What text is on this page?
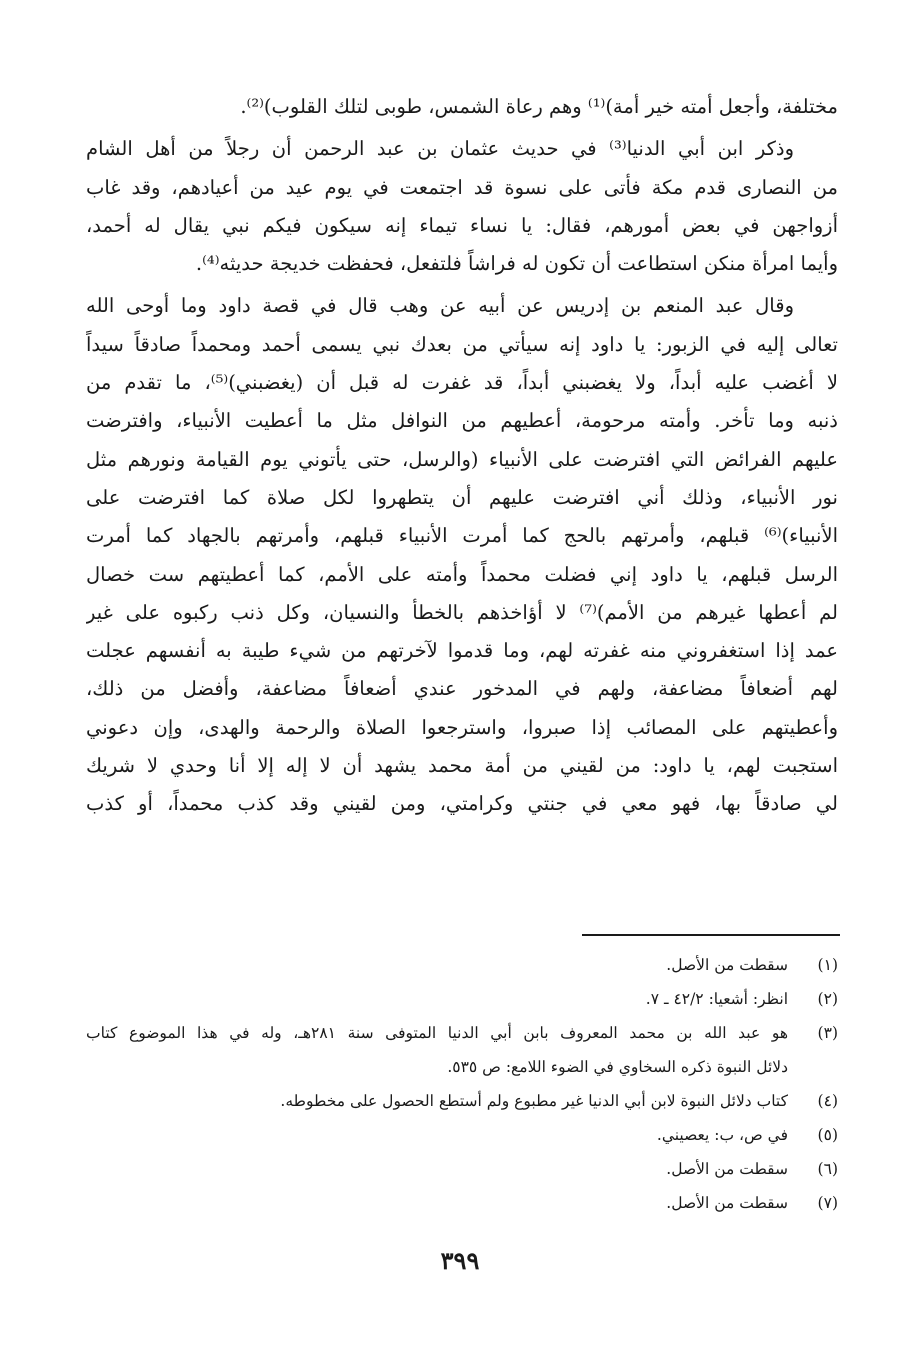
مختلفة، وأجعل أمته خير أمة)⁽¹⁾ وهم رعاة الشمس، طوبى لتلك القلوب)⁽²⁾.
وذكر ابن أبي الدنيا⁽³⁾ في حديث عثمان بن عبد الرحمن أن رجلاً من أهل الشام
من النصارى قدم مكة فأتى على نسوة قد اجتمعت في يوم عيد من أعيادهم، وقد غاب
أزواجهن في بعض أمورهم، فقال: يا نساء تيماء إنه سيكون فيكم نبي يقال له أحمد،
وأيما امرأة منكن استطاعت أن تكون له فراشاً فلتفعل، فحفظت خديجة حديثه⁽⁴⁾.
وقال عبد المنعم بن إدريس عن أبيه عن وهب قال في قصة داود وما أوحى الله
تعالى إليه في الزبور: يا داود إنه سيأتي من بعدك نبي يسمى أحمد ومحمداً صادقاً سيداً
لا أغضب عليه أبداً، ولا يغضبني أبداً، قد غفرت له قبل أن (يغضبني)⁽⁵⁾، ما تقدم من
ذنبه وما تأخر. وأمته مرحومة، أعطيهم من النوافل مثل ما أعطيت الأنبياء، وافترضت
عليهم الفرائض التي افترضت على الأنبياء (والرسل، حتى يأتوني يوم القيامة ونورهم مثل
نور الأنبياء، وذلك أني افترضت عليهم أن يتطهروا لكل صلاة كما افترضت على
الأنبياء)⁽⁶⁾ قبلهم، وأمرتهم بالحج كما أمرت الأنبياء قبلهم، وأمرتهم بالجهاد كما أمرت
الرسل قبلهم، يا داود إني فضلت محمداً وأمته على الأمم، كما أعطيتهم ست خصال
لم أعطها غيرهم من الأمم)⁽⁷⁾ لا أؤاخذهم بالخطأ والنسيان، وكل ذنب ركبوه على غير
عمد إذا استغفروني منه غفرته لهم، وما قدموا لآخرتهم من شيء طيبة به أنفسهم عجلت
لهم أضعافاً مضاعفة، ولهم في المدخور عندي أضعافاً مضاعفة، وأفضل من ذلك،
وأعطيتهم على المصائب إذا صبروا، واسترجعوا الصلاة والرحمة والهدى، وإن دعوني
استجبت لهم، يا داود: من لقيني من أمة محمد يشهد أن لا إله إلا أنا وحدي لا شريك
لي صادقاً بها، فهو معي في جنتي وكرامتي، ومن لقيني وقد كذب محمداً، أو كذب
(١)
سقطت من الأصل.
(٢)
انظر: أشعيا: ٤٢/٢ ـ ٧.
(٣)
هو عبد الله بن محمد المعروف بابن أبي الدنيا المتوفى سنة ٢٨١هـ، وله في هذا الموضوع كتاب
دلائل النبوة ذكره السخاوي في الضوء اللامع: ص ٥٣٥.
(٤)
كتاب دلائل النبوة لابن أبي الدنيا غير مطبوع ولم أستطع الحصول على مخطوطه.
(٥)
في ص، ب: يعصيني.
(٦)
سقطت من الأصل.
(٧)
سقطت من الأصل.
٣٩٩
